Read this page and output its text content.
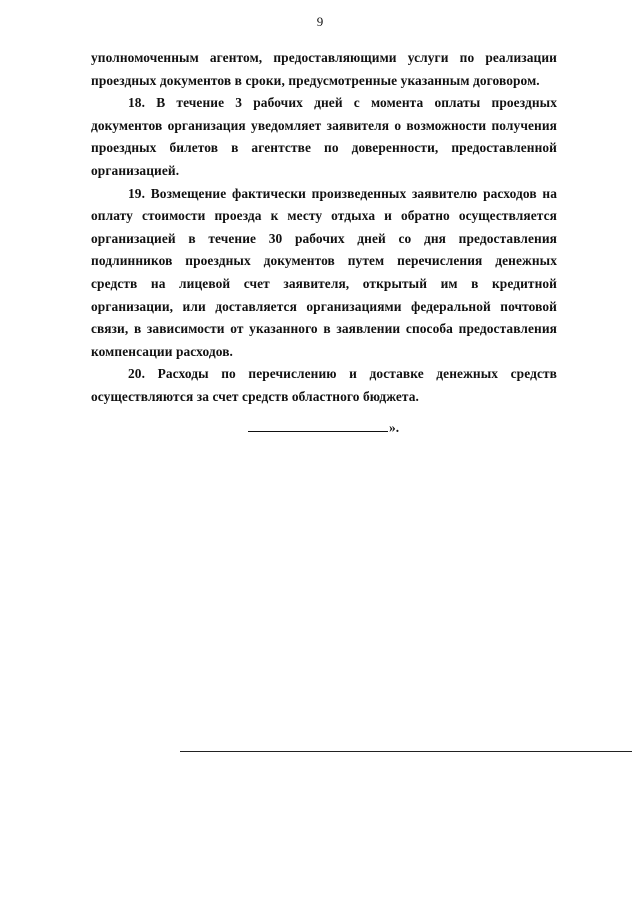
9

уполномоченным агентом, предоставляющими услуги по реализации проездных документов в сроки, предусмотренные указанным договором.

18. В течение 3 рабочих дней с момента оплаты проездных документов организация уведомляет заявителя о возможности получения проездных билетов в агентстве по доверенности, предоставленной организацией.

19. Возмещение фактически произведенных заявителю расходов на оплату стоимости проезда к месту отдыха и обратно осуществляется организацией в течение 30 рабочих дней со дня предоставления подлинников проездных документов путем перечисления денежных средств на лицевой счет заявителя, открытый им в кредитной организации, или доставляется организациями федеральной почтовой связи, в зависимости от указанного в заявлении способа предоставления компенсации расходов.

20. Расходы по перечислению и доставке денежных средств осуществляются за счет средств областного бюджета.

».
